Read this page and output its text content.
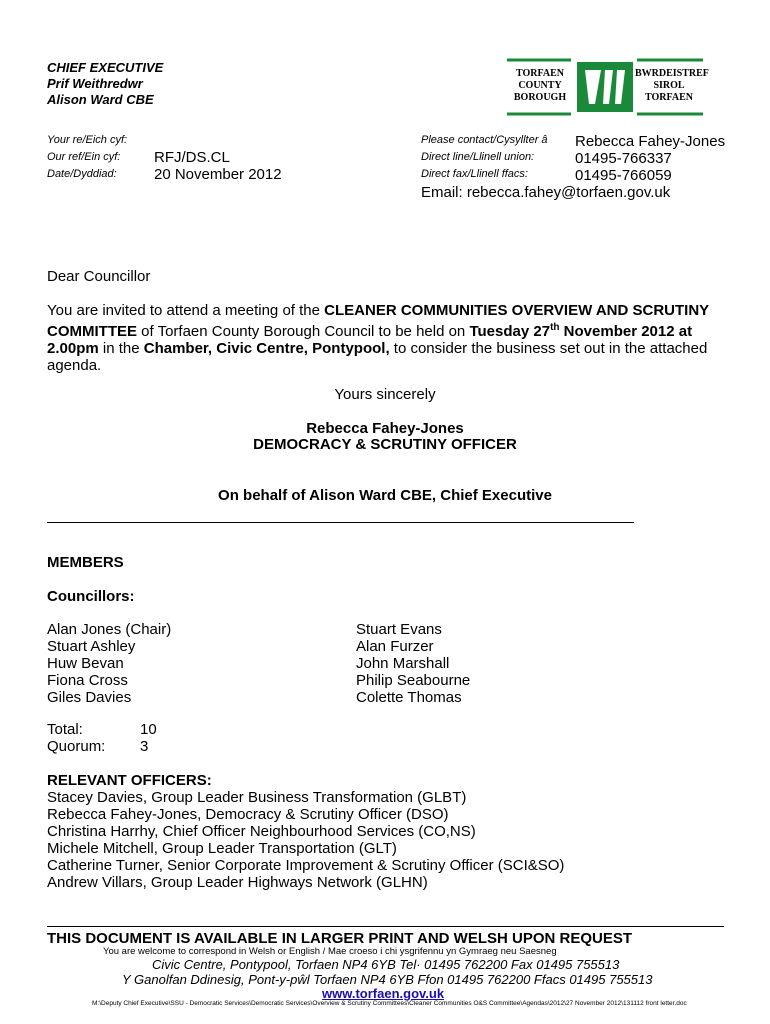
CHIEF EXECUTIVE
Prif Weithredwr
Alison Ward CBE
TORFAEN
COUNTY
BOROUGH
BWRDEISTREF
SIROL
TORFAEN
Your re/Eich cyf:
Our ref/Ein cyf: RFJ/DS.CL
Date/Dyddiad: 20 November 2012
Please contact/Cysyllter â Rebecca Fahey-Jones
Direct line/Llinell union:	01495-766337
Direct fax/Llinell ffacs:	01495-766059
Email: rebecca.fahey@torfaen.gov.uk
Dear Councillor
You are invited to attend a meeting of the CLEANER COMMUNITIES OVERVIEW AND SCRUTINY COMMITTEE of Torfaen County Borough Council to be held on Tuesday 27th November 2012 at 2.00pm in the Chamber, Civic Centre, Pontypool, to consider the business set out in the attached agenda.
Yours sincerely
Rebecca Fahey-Jones
DEMOCRACY & SCRUTINY OFFICER
On behalf of Alison Ward CBE, Chief Executive
MEMBERS
Councillors:
Alan Jones (Chair)
Stuart Ashley
Huw Bevan
Fiona Cross
Giles Davies
Stuart Evans
Alan Furzer
John Marshall
Philip Seabourne
Colette Thomas
Total:	10
Quorum: 3
RELEVANT OFFICERS:
Stacey Davies, Group Leader Business Transformation (GLBT)
Rebecca Fahey-Jones, Democracy & Scrutiny Officer (DSO)
Christina Harrhy, Chief Officer Neighbourhood Services (CO,NS)
Michele Mitchell, Group Leader Transportation (GLT)
Catherine Turner, Senior Corporate Improvement & Scrutiny Officer (SCI&SO)
Andrew Villars, Group Leader Highways Network (GLHN)
THIS DOCUMENT IS AVAILABLE IN LARGER PRINT AND WELSH UPON REQUEST
You are welcome to correspond in Welsh or English / Mae croeso i chi ysgrifennu yn Gymraeg neu Saesneg
Civic Centre, Pontypool, Torfaen NP4 6YB Tel· 01495 762200 Fax 01495 755513
Y Ganolfan Ddinesig, Pont-y-pŵl Torfaen NP4 6YB Ffon 01495 762200 Ffacs 01495 755513
www.torfaen.gov.uk
M:\Deputy Chief Executive\SSU - Democratic Services\Democratic Services\Overview & Scrutiny Committees\Cleaner Communities O&S Committee\Agendas\2012\27 November 2012\131112 front letter.doc
